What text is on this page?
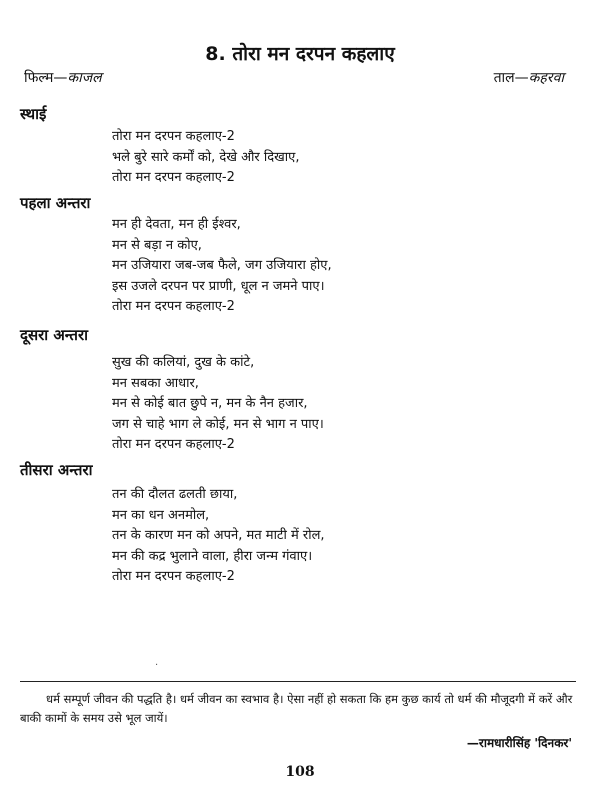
8. तोरा मन दरपन कहलाए
फिल्म—काजल	ताल—कहरवा
स्थाई
तोरा मन दरपन कहलाए-2
भले बुरे सारे कर्मों को, देखे और दिखाए,
तोरा मन दरपन कहलाए-2
पहला अन्तरा
मन ही देवता, मन ही ईश्वर,
मन से बड़ा न कोए,
मन उजियारा जब-जब फैले, जग उजियारा होए,
इस उजले दरपन पर प्राणी, धूल न जमने पाए।
तोरा मन दरपन कहलाए-2
दूसरा अन्तरा
सुख की कलियां, दुख के कांटे,
मन सबका आधार,
मन से कोई बात छुपे न, मन के नैन हजार,
जग से चाहे भाग ले कोई, मन से भाग न पाए।
तोरा मन दरपन कहलाए-2
तीसरा अन्तरा
तन की दौलत ढलती छाया,
मन का धन अनमोल,
तन के कारण मन को अपने, मत माटी में रोल,
मन की कद्र भुलाने वाला, हीरा जन्म गंवाए।
तोरा मन दरपन कहलाए-2
·
धर्म सम्पूर्ण जीवन की पद्धति है। धर्म जीवन का स्वभाव है। ऐसा नहीं हो सकता कि हम कुछ कार्य तो धर्म की मौजूदगी में करें और बाकी कामों के समय उसे भूल जायें।
—रामधारीसिंह 'दिनकर'
108
